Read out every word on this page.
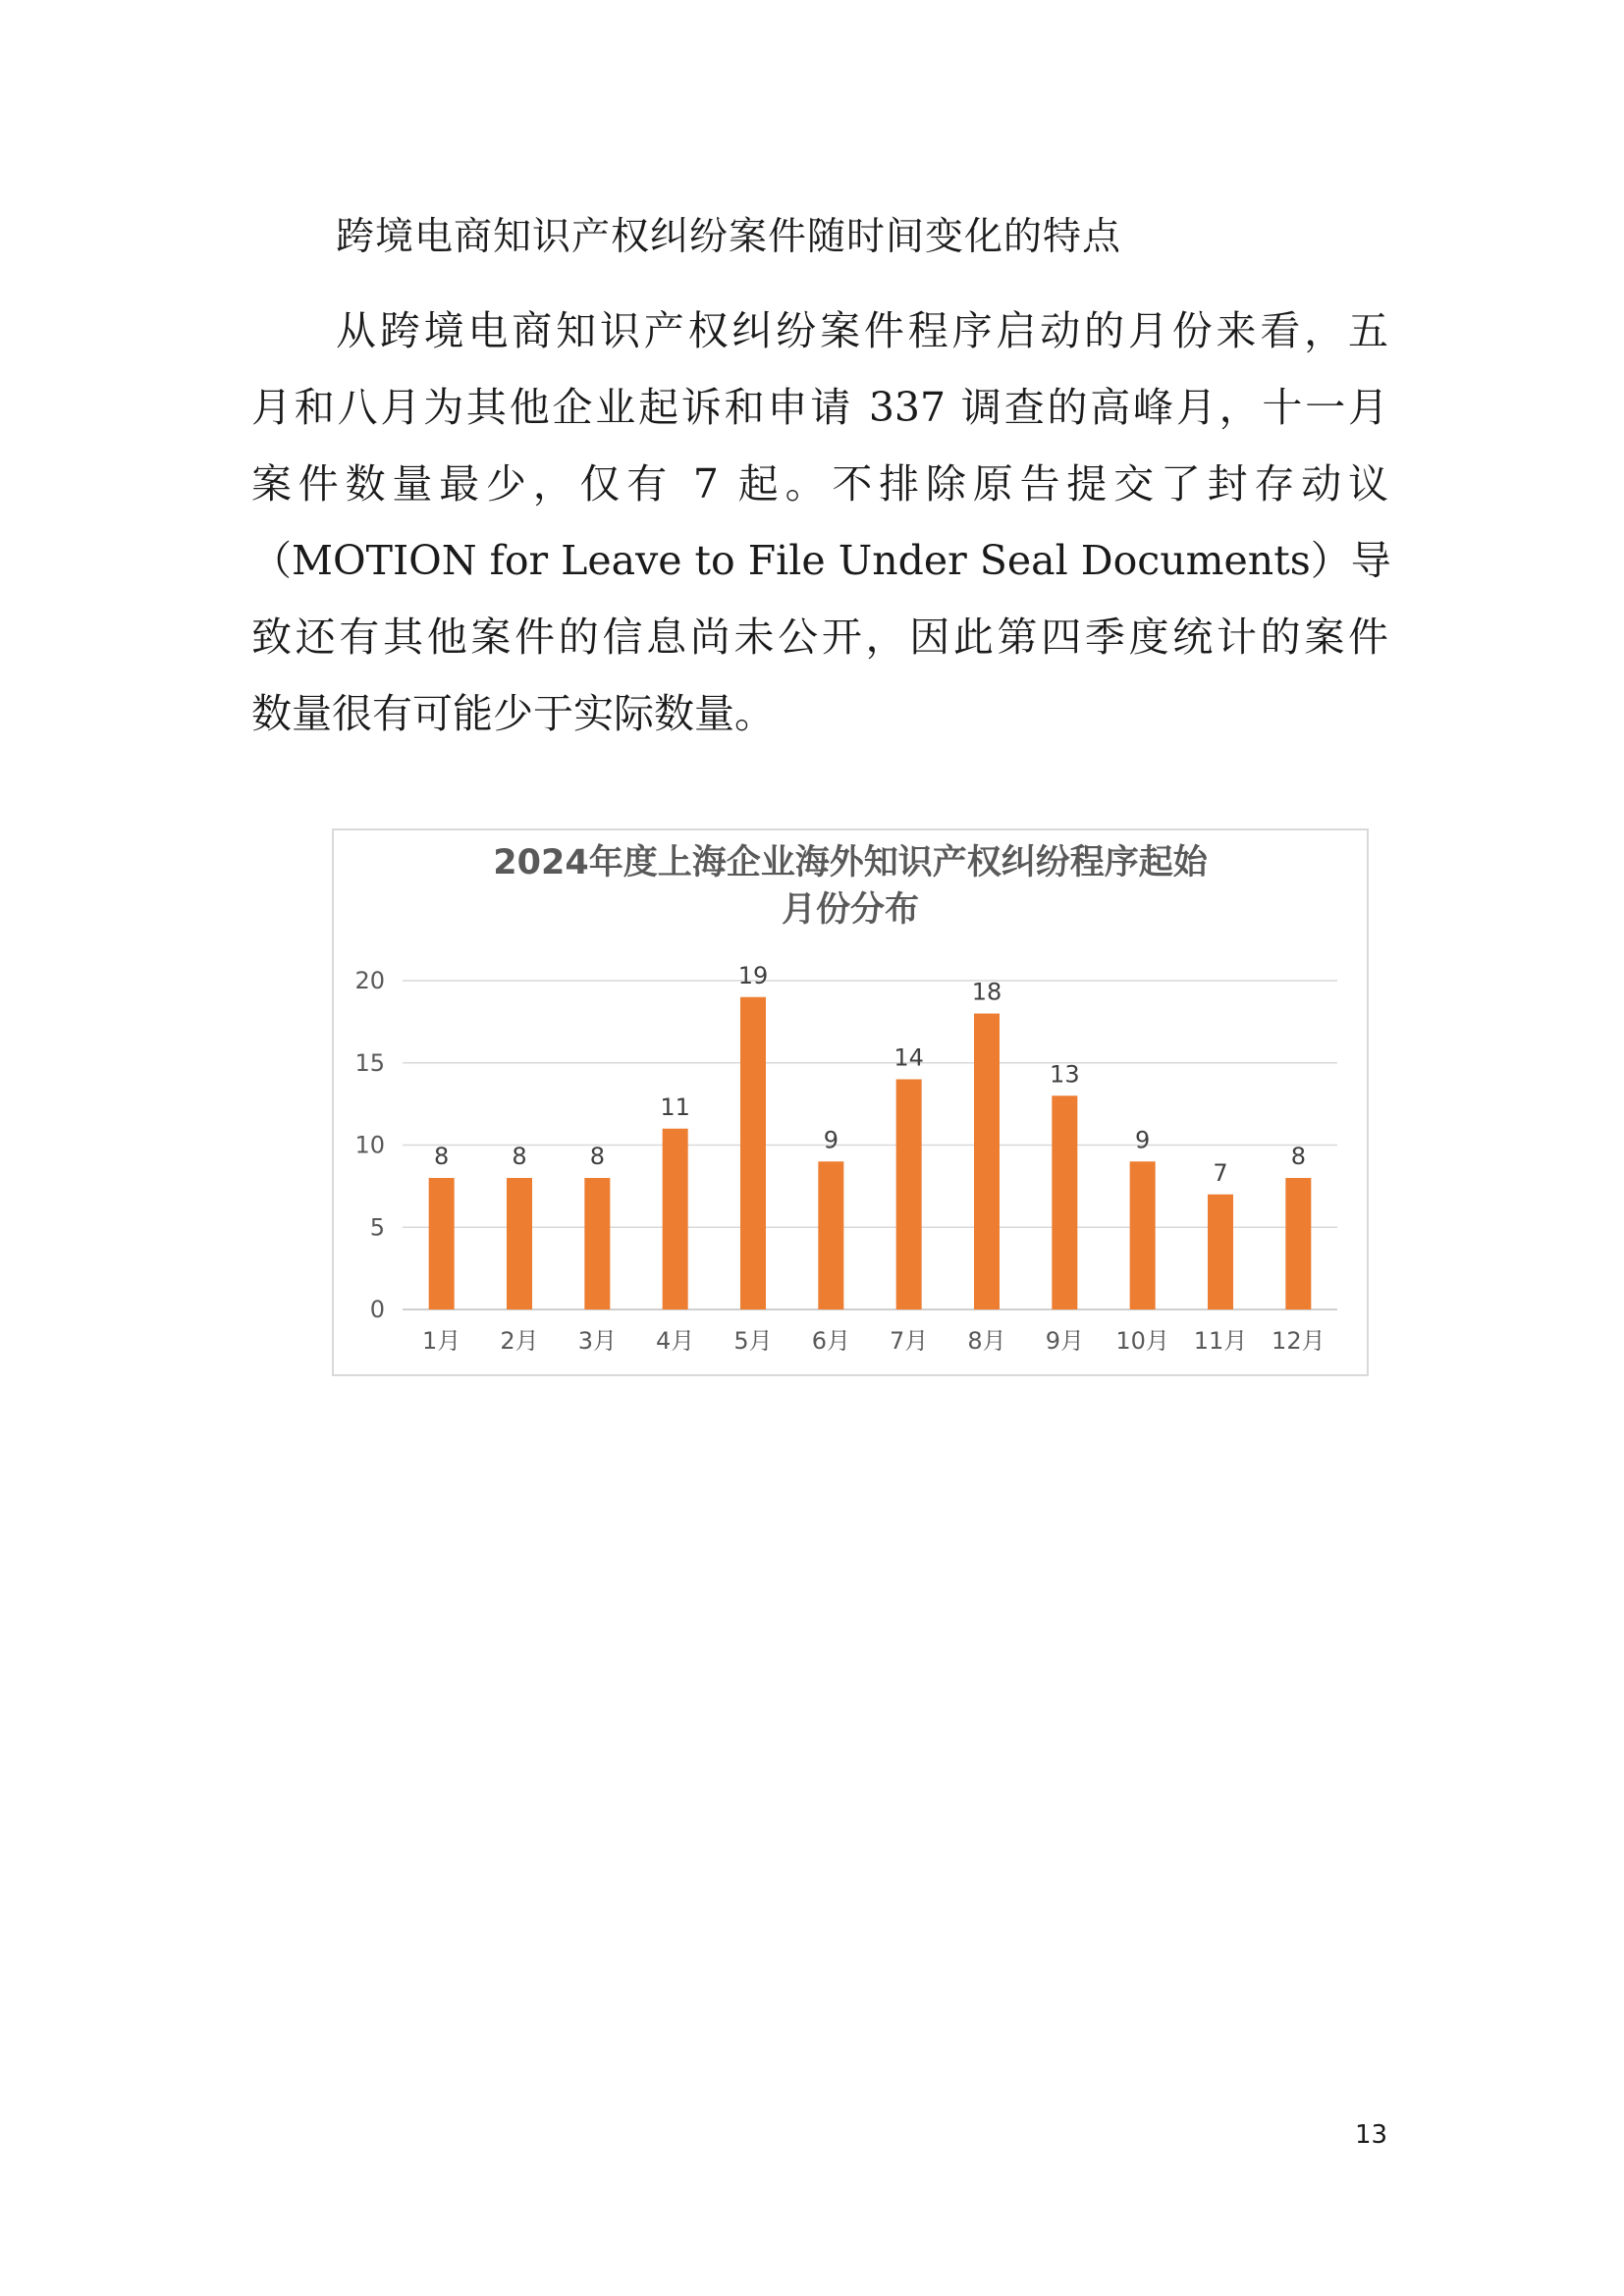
跨境电商知识产权纠纷案件随时间变化的特点
从跨境电商知识产权纠纷案件程序启动的月份来看，五
月和八月为其他企业起诉和申请 337 调查的高峰月，十一月
案件数量最少，仅有 7 起。不排除原告提交了封存动议
（MOTION for Leave to File Under Seal Documents）导
致还有其他案件的信息尚未公开，因此第四季度统计的案件
数量很有可能少于实际数量。
2024年度上海企业海外知识产权纠纷程序起始
月份分布
0
5
10
15
20
8
1月
8
2月
8
3月
11
4月
19
5月
9
6月
14
7月
18
8月
13
9月
9
10月
7
11月
8
12月
13
